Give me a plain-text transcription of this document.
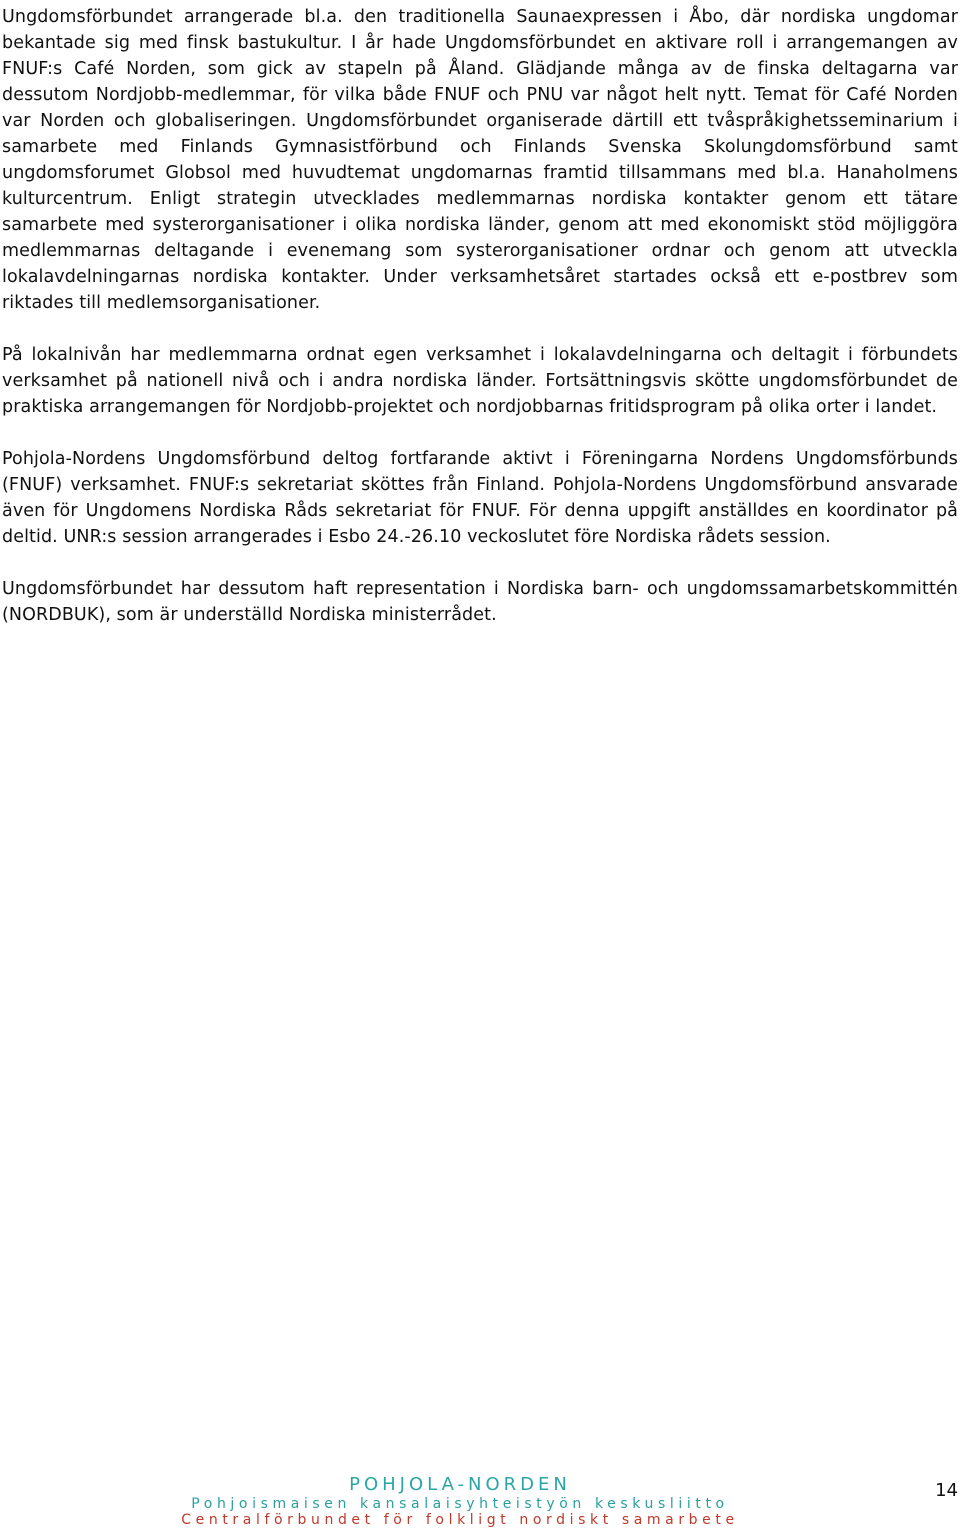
Ungdomsförbundet arrangerade bl.a. den traditionella Saunaexpressen i Åbo, där nordiska ungdomar bekantade sig med finsk bastukultur. I år hade Ungdomsförbundet en aktivare roll i arrangemangen av FNUF:s Café Norden, som gick av stapeln på Åland. Glädjande många av de finska deltagarna var dessutom Nordjobb-medlemmar, för vilka både FNUF och PNU var något helt nytt. Temat för Café Norden var Norden och globaliseringen. Ungdomsförbundet organiserade därtill ett tvåspråkighetsseminarium i samarbete med Finlands Gymnasistförbund och Finlands Svenska Skolungdomsförbund samt ungdomsforumet Globsol med huvudtemat ungdomarnas framtid tillsammans med bl.a. Hanaholmens kulturcentrum. Enligt strategin utvecklades medlemmarnas nordiska kontakter genom ett tätare samarbete med systerorganisationer i olika nordiska länder, genom att med ekonomiskt stöd möjliggöra medlemmarnas deltagande i evenemang som systerorganisationer ordnar och genom att utveckla lokalavdelningarnas nordiska kontakter. Under verksamhetsåret startades också ett e-postbrev som riktades till medlemsorganisationer.

På lokalnivån har medlemmarna ordnat egen verksamhet i lokalavdelningarna och deltagit i förbundets verksamhet på nationell nivå och i andra nordiska länder. Fortsättningsvis skötte ungdomsförbundet de praktiska arrangemangen för Nordjobb-projektet och nordjobbarnas fritidsprogram på olika orter i landet.

Pohjola-Nordens Ungdomsförbund deltog fortfarande aktivt i Föreningarna Nordens Ungdomsförbunds (FNUF) verksamhet. FNUF:s sekretariat sköttes från Finland. Pohjola-Nordens Ungdomsförbund ansvarade även för Ungdomens Nordiska Råds sekretariat för FNUF. För denna uppgift anställdes en koordinator på deltid. UNR:s session arrangerades i Esbo 24.-26.10 veckoslutet före Nordiska rådets session.

Ungdomsförbundet har dessutom haft representation i Nordiska barn- och ungdomssamarbetskommittén (NORDBUK), som är underställd Nordiska ministerrådet.

POHJOLA-NORDEN
Pohjoismaisen kansalaisyhteistyön keskusliitto
Centralförbundet för folkligt nordiskt samarbete
14
